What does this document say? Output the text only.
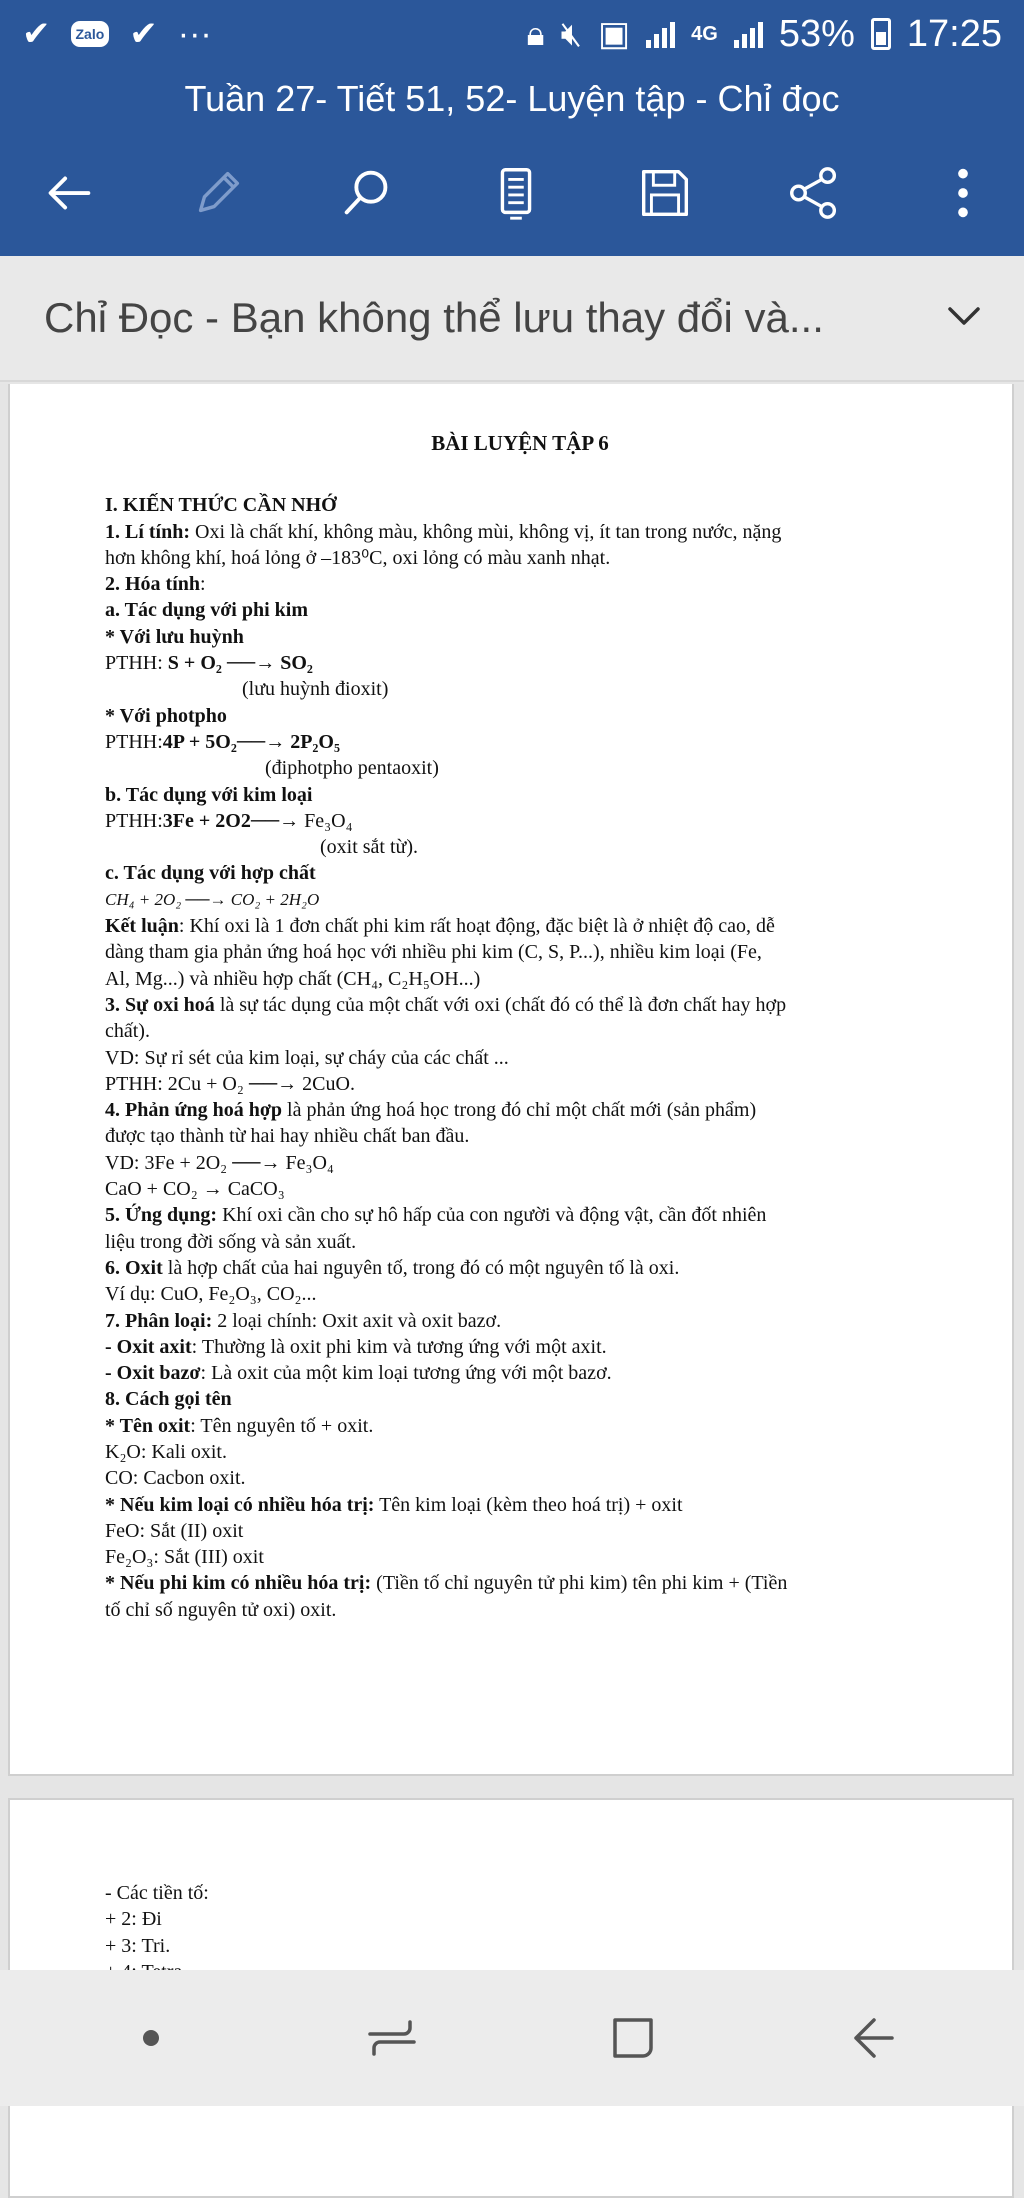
✔	Zalo ✔ ···	🔒︎ 🔇︎ ▣	4G 53% 17:25
Tuần 27- Tiết 51, 52- Luyện tập - Chỉ đọc
Chỉ Đọc - Bạn không thể lưu thay đổi và...
BÀI LUYỆN TẬP 6

I. KIẾN THỨC CẦN NHỚ

1. Lí tính: Oxi là chất khí, không màu, không mùi, không vị, ít tan trong nước, nặng

hơn không khí, hoá lỏng ở –183⁰C, oxi lỏng có màu xanh nhạt.

2. Hóa tính:

a. Tác dụng với phi kim

* Với lưu huỳnh

PTHH: S + O₂ ──→ SO₂

(lưu huỳnh đioxit)

* Với photpho

PTHH:4P + 5O₂──→ 2P₂O₅

(điphotpho pentaoxit)

b. Tác dụng với kim loại

PTHH:3Fe + 2O2──→ Fe₃O₄

(oxit sắt từ).

c. Tác dụng với hợp chất

CH₄ + 2O₂ ──→ CO₂ + 2H₂O

Kết luận: Khí oxi là 1 đơn chất phi kim rất hoạt động, đặc biệt là ở nhiệt độ cao, dễ

dàng tham gia phản ứng hoá học với nhiều phi kim (C, S, P...), nhiều kim loại (Fe,

Al, Mg...) và nhiều hợp chất (CH₄, C₂H₅OH...)

3. Sự oxi hoá là sự tác dụng của một chất với oxi (chất đó có thể là đơn chất hay hợp

chất).

VD: Sự rỉ sét của kim loại, sự cháy của các chất ...

PTHH: 2Cu + O₂ ──→ 2CuO.

4. Phản ứng hoá hợp là phản ứng hoá học trong đó chỉ một chất mới (sản phẩm)

được tạo thành từ hai hay nhiều chất ban đầu.

VD: 3Fe + 2O₂ ──→ Fe₃O₄

CaO + CO₂ → CaCO₃

5. Ứng dụng: Khí oxi cần cho sự hô hấp của con người và động vật, cần đốt nhiên

liệu trong đời sống và sản xuất.

6. Oxit là hợp chất của hai nguyên tố, trong đó có một nguyên tố là oxi.

Ví dụ: CuO, Fe₂O₃, CO₂...

7. Phân loại: 2 loại chính: Oxit axit và oxit bazơ.

- Oxit axit: Thường là oxit phi kim và tương ứng với một axit.

- Oxit bazơ: Là oxit của một kim loại tương ứng với một bazơ.

8. Cách gọi tên

* Tên oxit: Tên nguyên tố + oxit.

K₂O: Kali oxit.

CO: Cacbon oxit.

* Nếu kim loại có nhiều hóa trị: Tên kim loại (kèm theo hoá trị) + oxit

FeO: Sắt (II) oxit

Fe₂O₃: Sắt (III) oxit

* Nếu phi kim có nhiều hóa trị: (Tiền tố chỉ nguyên tử phi kim) tên phi kim + (Tiền

tố chỉ số nguyên tử oxi) oxit.

- Các tiền tố:

+ 2: Đi

+ 3: Tri.
